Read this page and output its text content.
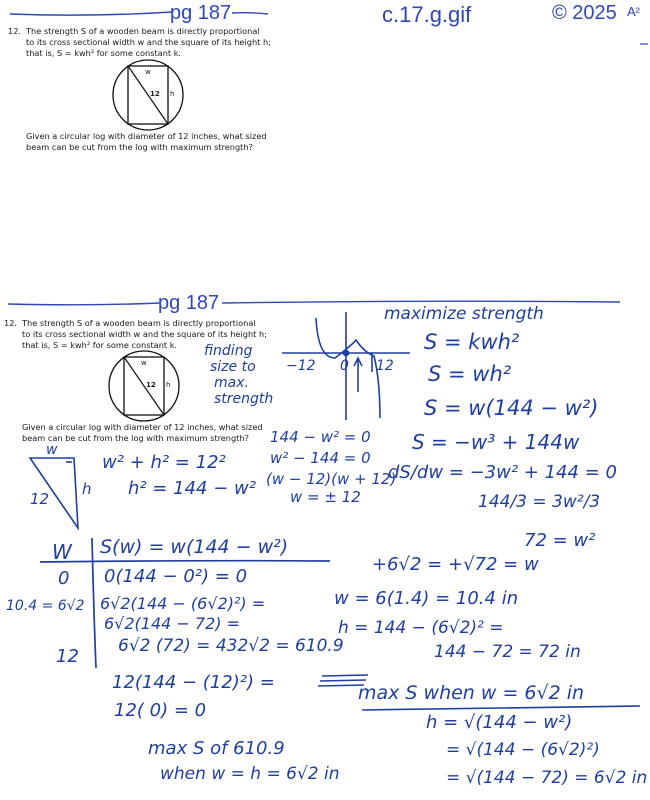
pg 187	c.17.g.gif	© 2025 A²
12. The strength S of a wooden beam is directly proportional
to its cross sectional width w and the square of its height h;
that is, S = kwh² for some constant k.
Given a circular log with diameter of 12 inches, what sized
beam can be cut from the log with maximum strength?
pg 187
12. The strength S of a wooden beam is directly proportional
to its cross sectional width w and the square of its height h;
that is, S = kwh² for some constant k.
Given a circular log with diameter of 12 inches, what sized
beam can be cut from the log with maximum strength?
w
12 h
w
12 h
maximize strength
S = kwh²
S = wh²
S = w(144 − w²)
S = −w³ + 144w
dS/dw = −3w² + 144 = 0
144/3 = 3w²/3
72 = w²
+6√2 = +√72 = w
w = 6(1.4) = 10.4 in
h = 144 − (6√2)² =
144 − 72 = 72 in
finding
size to
max.
strength
−12 0 12
144 − w² = 0
w² − 144 = 0
(w − 12)(w + 12)
w = ± 12
w
h
12
w² + h² = 12²
h² = 144 − w²
W S(w) = w(144 − w²)
0 0(144 − 0²) = 0
10.4 = 6√2 6√2(144 − (6√2)²) =
6√2(144 − 72) =
6√2 (72) = 432√2 = 610.9
12
12(144 − (12)²) =
12( 0) = 0
max S when w = 6√2 in
max S of 610.9
when w = h = 6√2 in
h = √(144 − w²)
= √(144 − (6√2)²)
= √(144 − 72) = 6√2 in
